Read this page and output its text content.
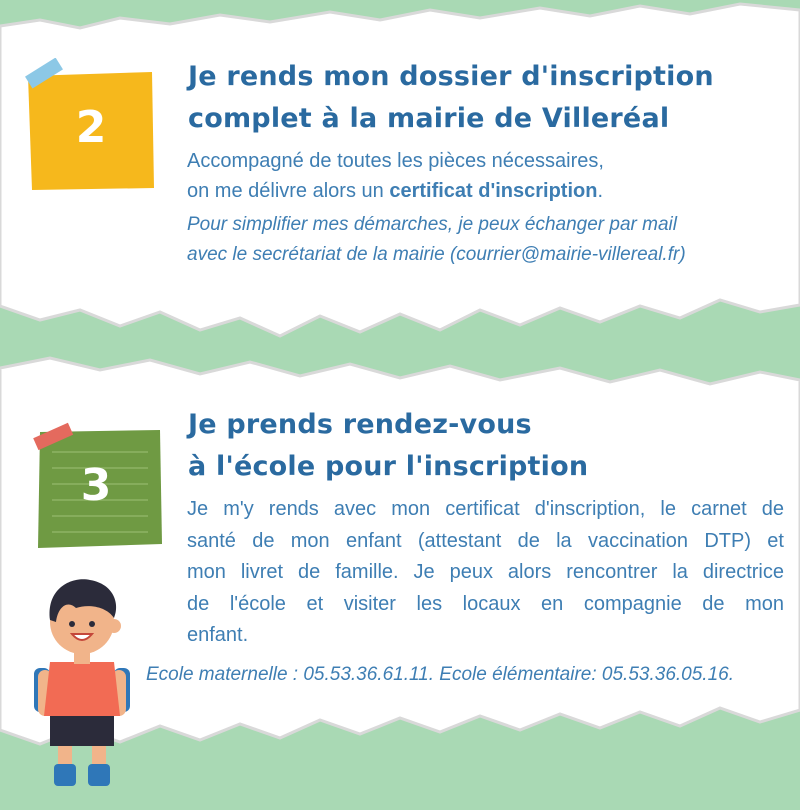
2
Je rends mon dossier d'inscription
complet à la mairie de Villeréal
Accompagné de toutes les pièces nécessaires,
on me délivre alors un certificat d'inscription.
Pour simplifier mes démarches, je peux échanger par mail
avec le secrétariat de la mairie (courrier@mairie-villereal.fr)
3
Je prends rendez-vous
à l'école pour l'inscription
Je m'y rends avec mon certificat d'inscription, le carnet de
santé de mon enfant (attestant de la vaccination DTP) et
mon livret de famille. Je peux alors rencontrer la directrice
de l'école et visiter les locaux en compagnie de mon
enfant.
Ecole maternelle : 05.53.36.61.11. Ecole élémentaire: 05.53.36.05.16.
